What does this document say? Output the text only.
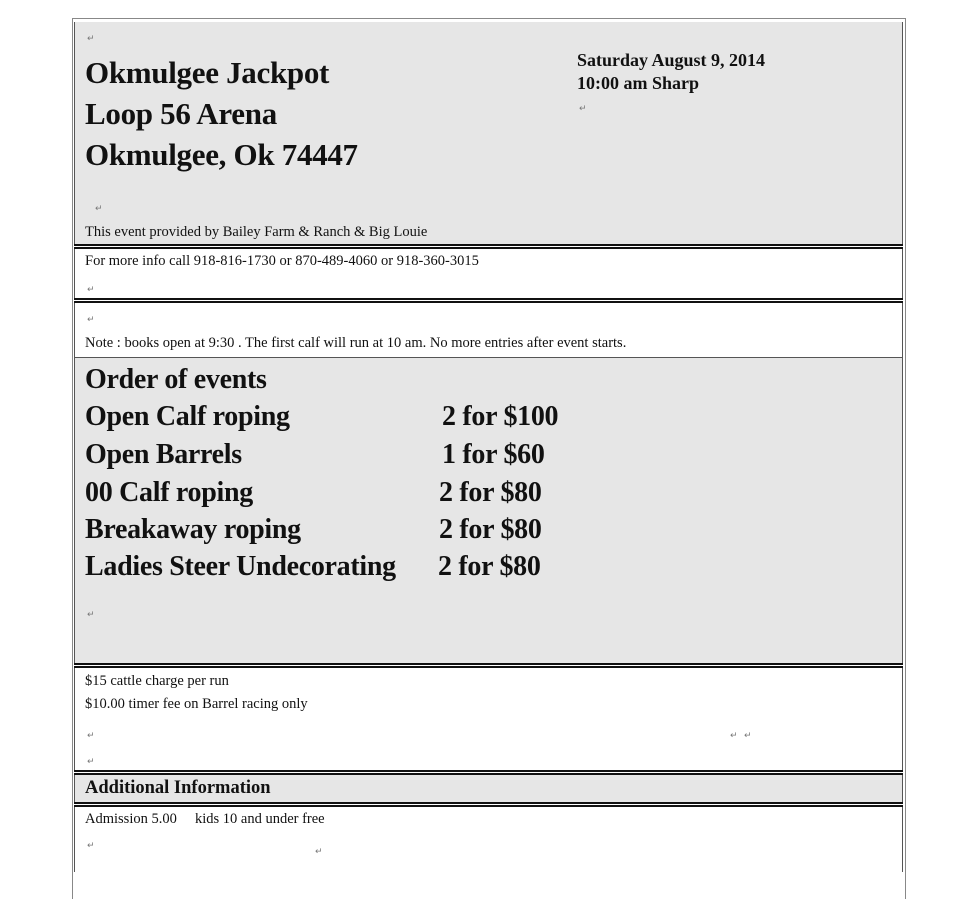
↵
Okmulgee Jackpot
Loop 56 Arena
Okmulgee, Ok 74447
Saturday August 9, 2014
10:00 am Sharp
↵
↵
This event provided by Bailey Farm & Ranch & Big Louie
For more info call 918-816-1730 or 870-489-4060 or 918-360-3015
↵
↵
Note : books open at 9:30 . The first calf will run at 10 am. No more entries after event starts.
Order of events
Open Calf roping	2 for $100
Open Barrels	1 for $60
00 Calf roping	2 for $80
Breakaway roping	2 for $80
Ladies Steer Undecorating 2 for $80
↵
$15 cattle charge per run
$10.00 timer fee on Barrel racing only
↵	↵ ↵
↵
Additional Information
Admission 5.00     kids 10 and under free
↵
↵
